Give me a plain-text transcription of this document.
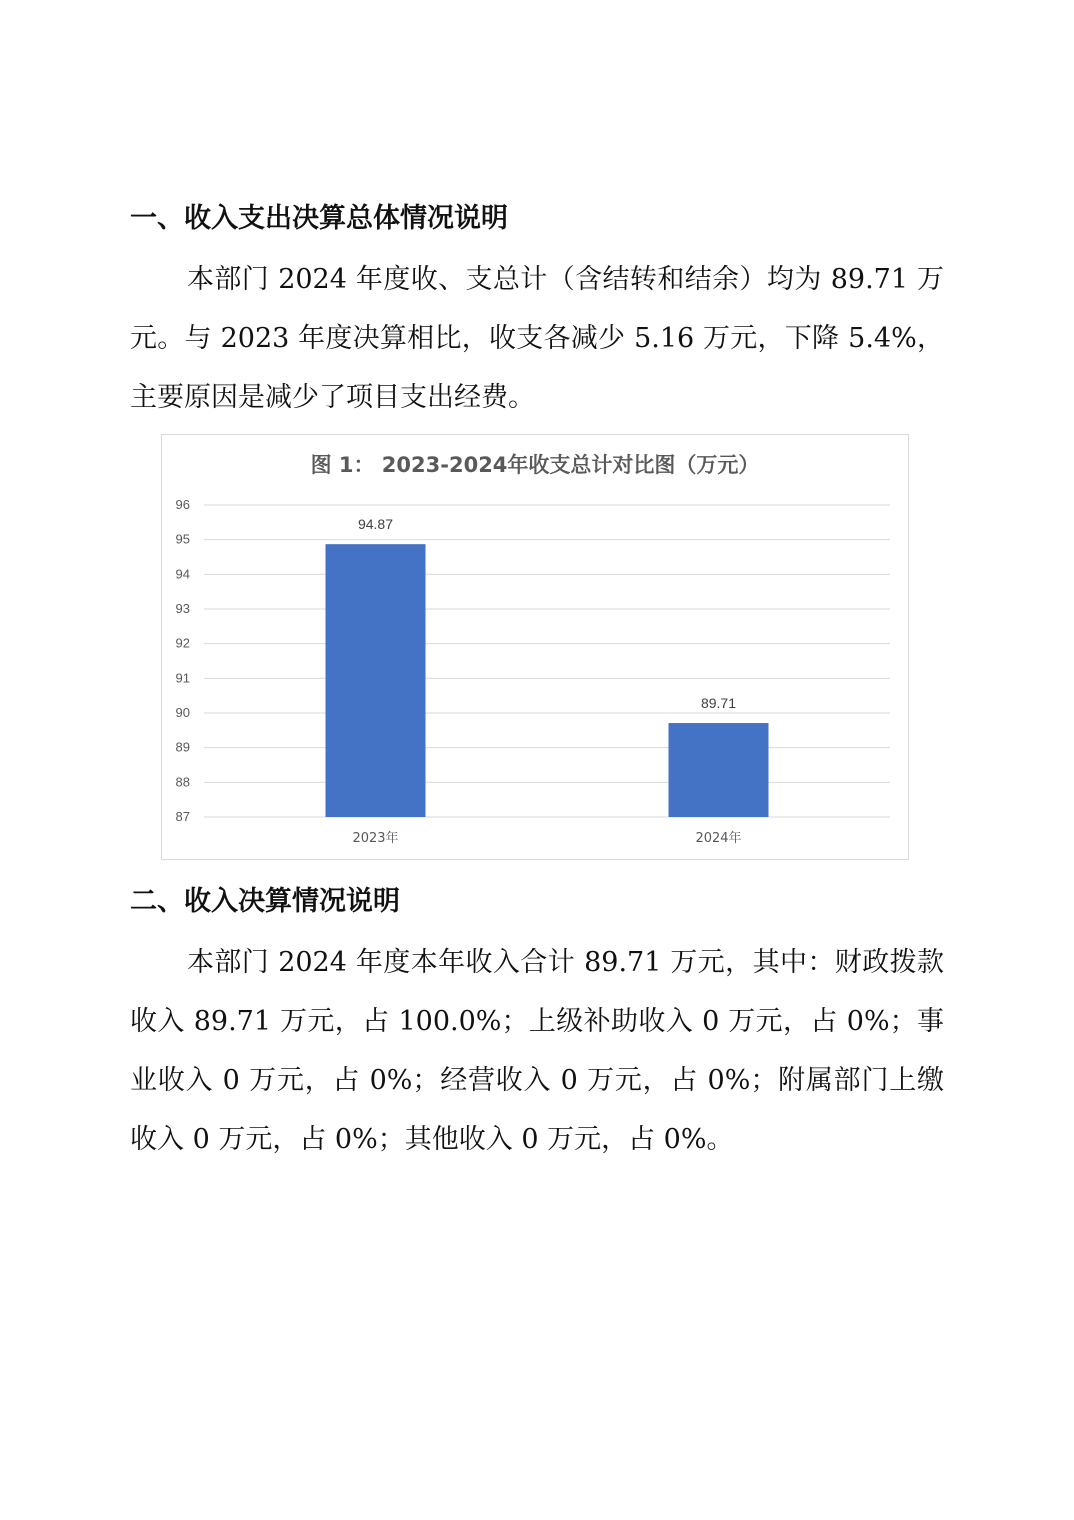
一、收入支出决算总体情况说明

本部门 2024 年度收、支总计（含结转和结余）均为 89.71 万元。与 2023 年度决算相比，收支各减少 5.16 万元，下降 5.4%，主要原因是减少了项目支出经费。

图 1： 2023-2024年收支总计对比图（万元）
87
88
89
90
91
92
93
94
95
96
94.87
89.71
2023年	2024年
二、收入决算情况说明

本部门 2024 年度本年收入合计 89.71 万元，其中：财政拨款收入 89.71 万元，占 100.0%；上级补助收入 0 万元，占 0%；事业收入 0 万元，占 0%；经营收入 0 万元，占 0%；附属部门上缴收入 0 万元，占 0%；其他收入 0 万元，占 0%。
